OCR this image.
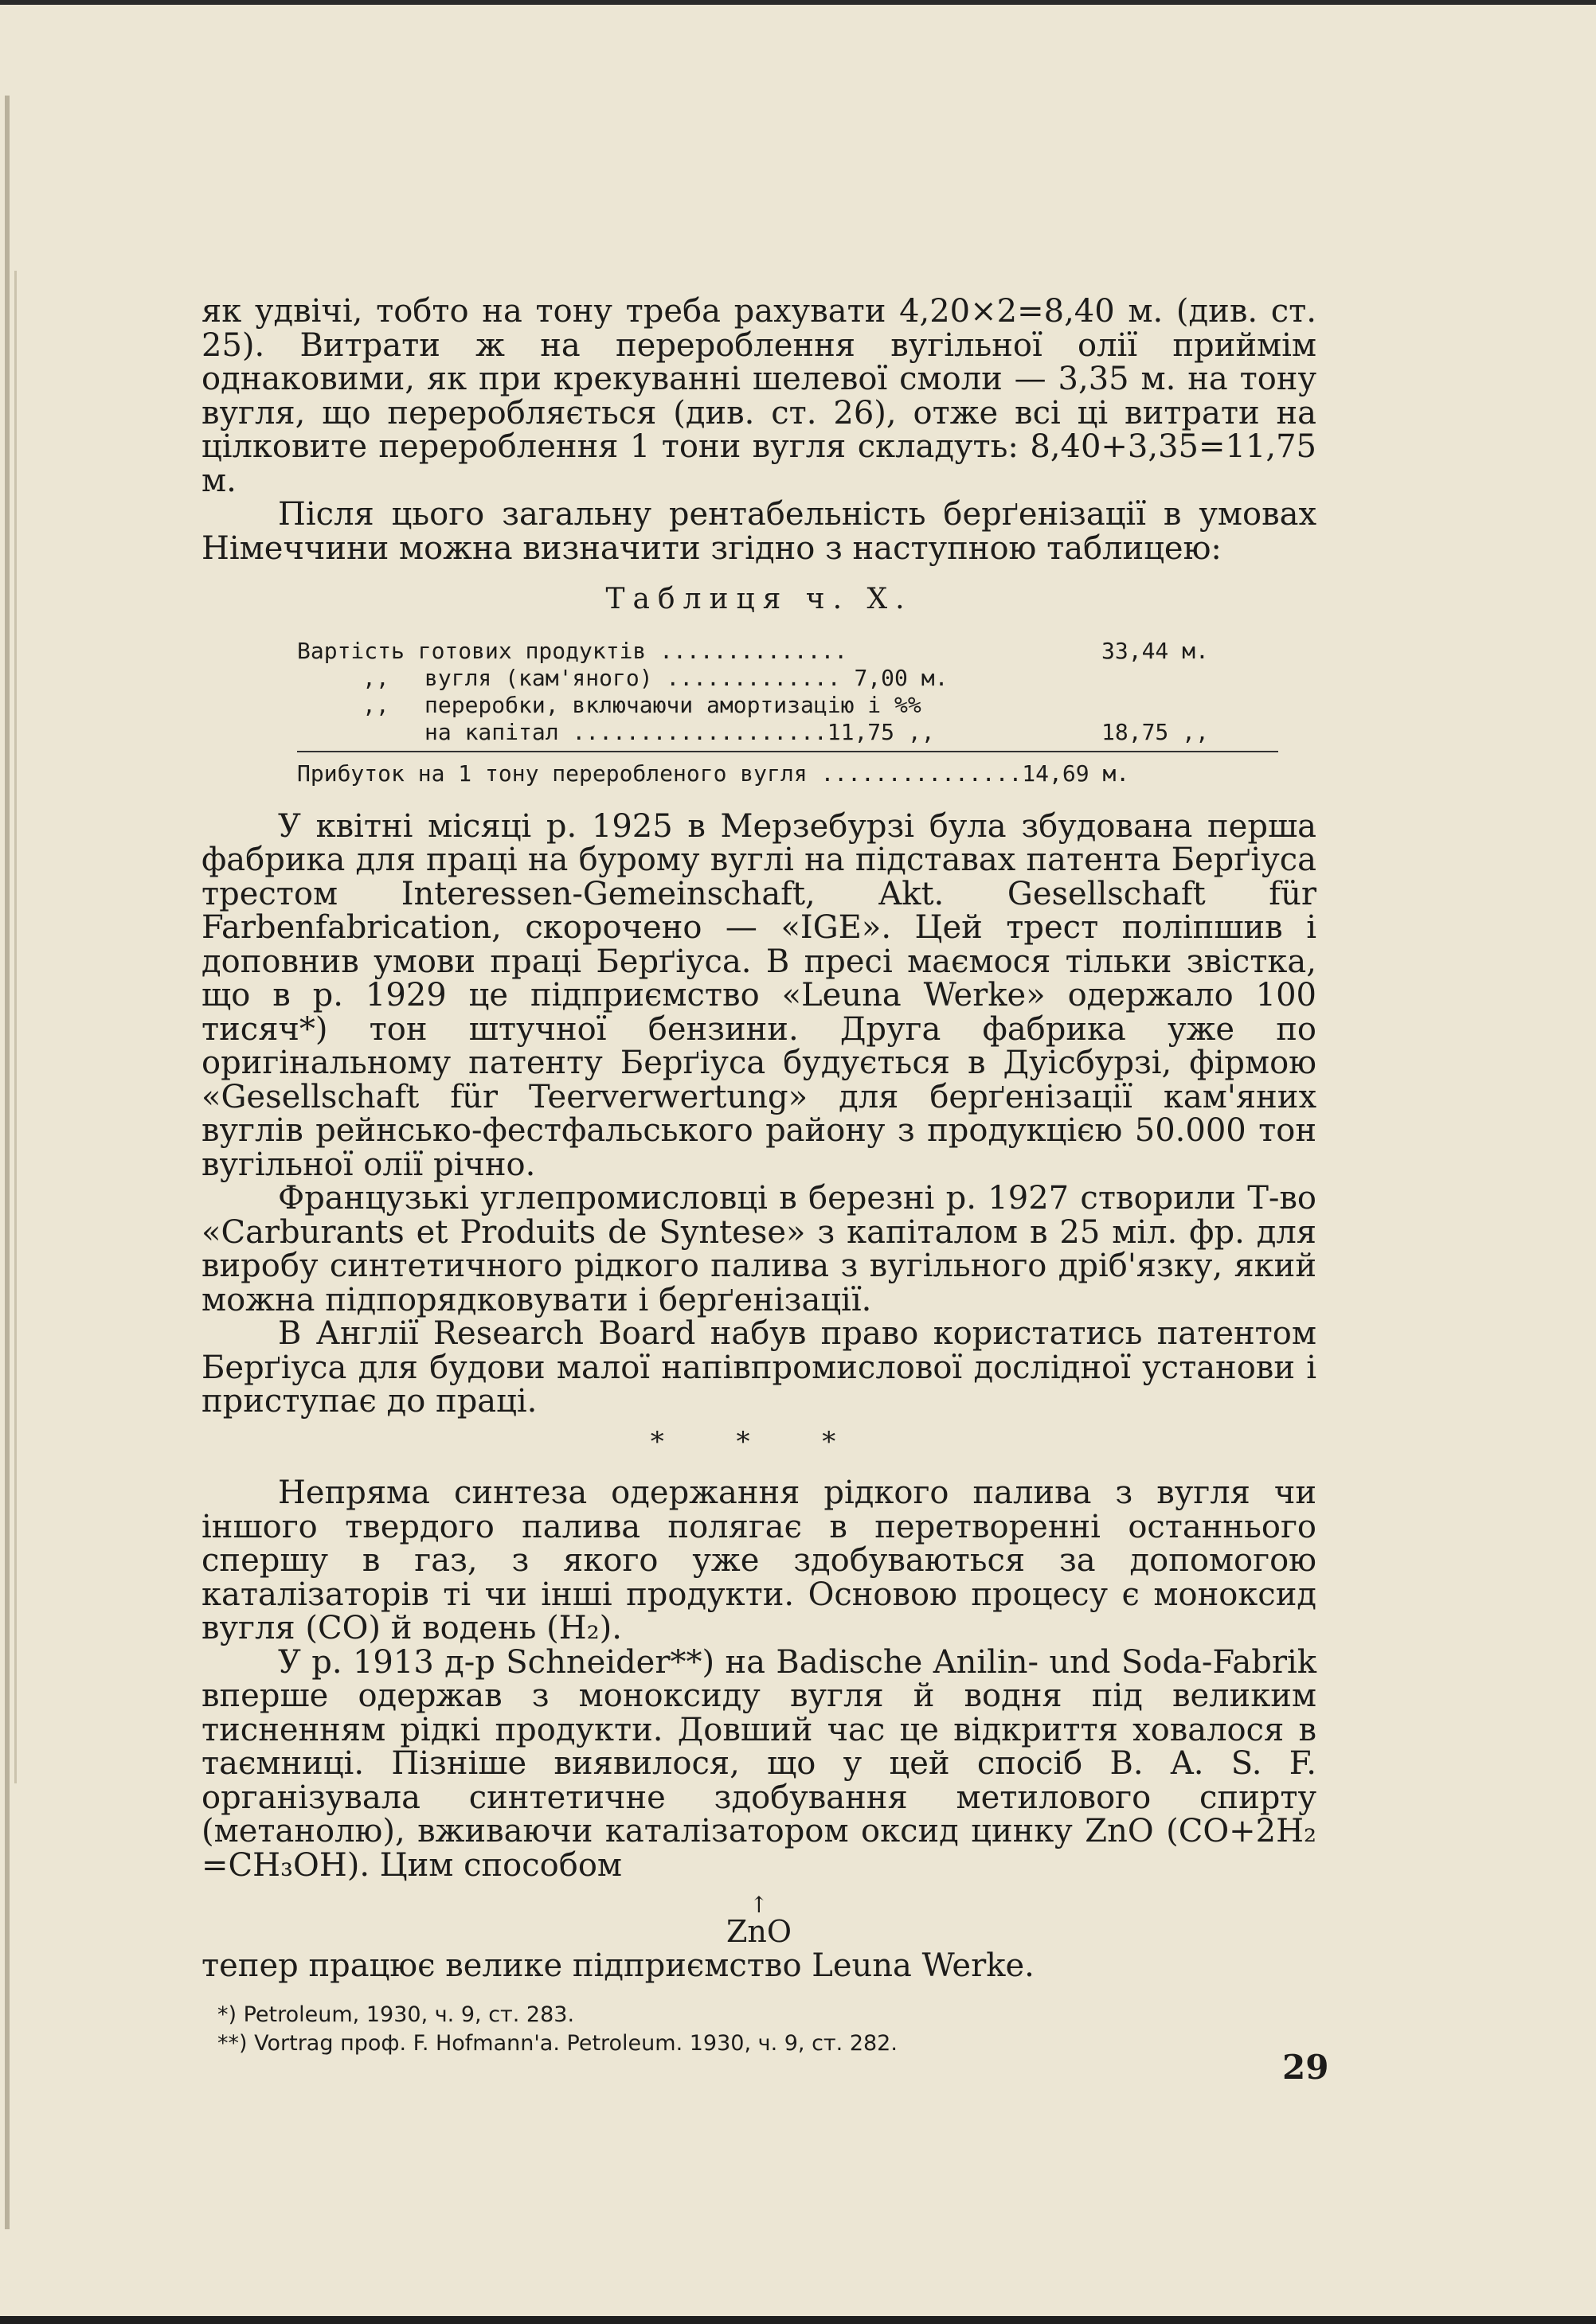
як удвічі, тобто на тону треба рахувати 4,20×2=8,40 м. (див. ст. 25). Витрати ж на перероблення вугільної олії приймім однаковими, як при крекуванні шелевої смоли — 3,35 м. на тону вугля, що переробляється (див. ст. 26), отже всі ці витрати на цілковите перероблення 1 тони вугля складуть: 8,40+3,35=11,75 м.

Після цього загальну рентабельність берґенізації в умовах Німеччини можна визначити згідно з наступною таблицею:

Таблиця ч. X.
Вартість готових продуктів ..............	33,44 м.
,, вугля (кам'яного) ............. 7,00 м.
,, переробки, включаючи амортизацію і %%
на капітал ...................11,75 ,,	18,75 ,,
Прибуток на 1 тону переробленого вугля ...............14,69 м.

У квітні місяці р. 1925 в Мерзебурзі була збудована перша фабрика для праці на бурому вуглі на підставах патента Берґіуса трестом Interessen-Gemeinschaft, Akt. Gesellschaft für Farbenfabrication, скорочено — «IGE». Цей трест поліпшив і доповнив умови праці Берґіуса. В пресі маємося тільки звістка, що в р. 1929 це підприємство «Leuna Werke» одержало 100 тисяч*) тон штучної бензини. Друга фабрика уже по оригінальному патенту Берґіуса будується в Дуісбурзі, фірмою «Gesellschaft für Teerverwertung» для берґенізації кам'яних вуглів рейнсько-фестфальського району з продукцією 50.000 тон вугільної олії річно.

Французькі углепромисловці в березні р. 1927 створили Т-во «Carburants et Produits de Syntese» з капіталом в 25 міл. фр. для виробу синтетичного рідкого палива з вугільного дріб'язку, який можна підпорядковувати і берґенізації.

В Англії Research Board набув право користатись патентом Берґіуса для будови малої напівпромислової дослідної установи і приступає до праці.

* * *

Непряма синтеза одержання рідкого палива з вугля чи іншого твердого палива полягає в перетворенні останнього спершу в газ, з якого уже здобуваються за допомогою каталізаторів ті чи інші продукти. Основою процесу є моноксид вугля (CO) й водень (H₂).

У р. 1913 д-р Schneider**) на Badische Anilin- und Soda-Fabrik вперше одержав з моноксиду вугля й водня під великим тисненням рідкі продукти. Довший час це відкриття ховалося в таємниці. Пізніше виявилося, що у цей спосіб B. A. S. F. організувала синтетичне здобування метилового спирту (метанолю), вживаючи каталізатором оксид цинку ZnO (CO+2H₂ =CH₃OH). Цим способом

↑
ZnO

тепер працює велике підприємство Leuna Werke.

*) Petroleum, 1930, ч. 9, ст. 283.
**) Vortrag проф. F. Hofmann'a. Petroleum. 1930, ч. 9, ст. 282.
29
